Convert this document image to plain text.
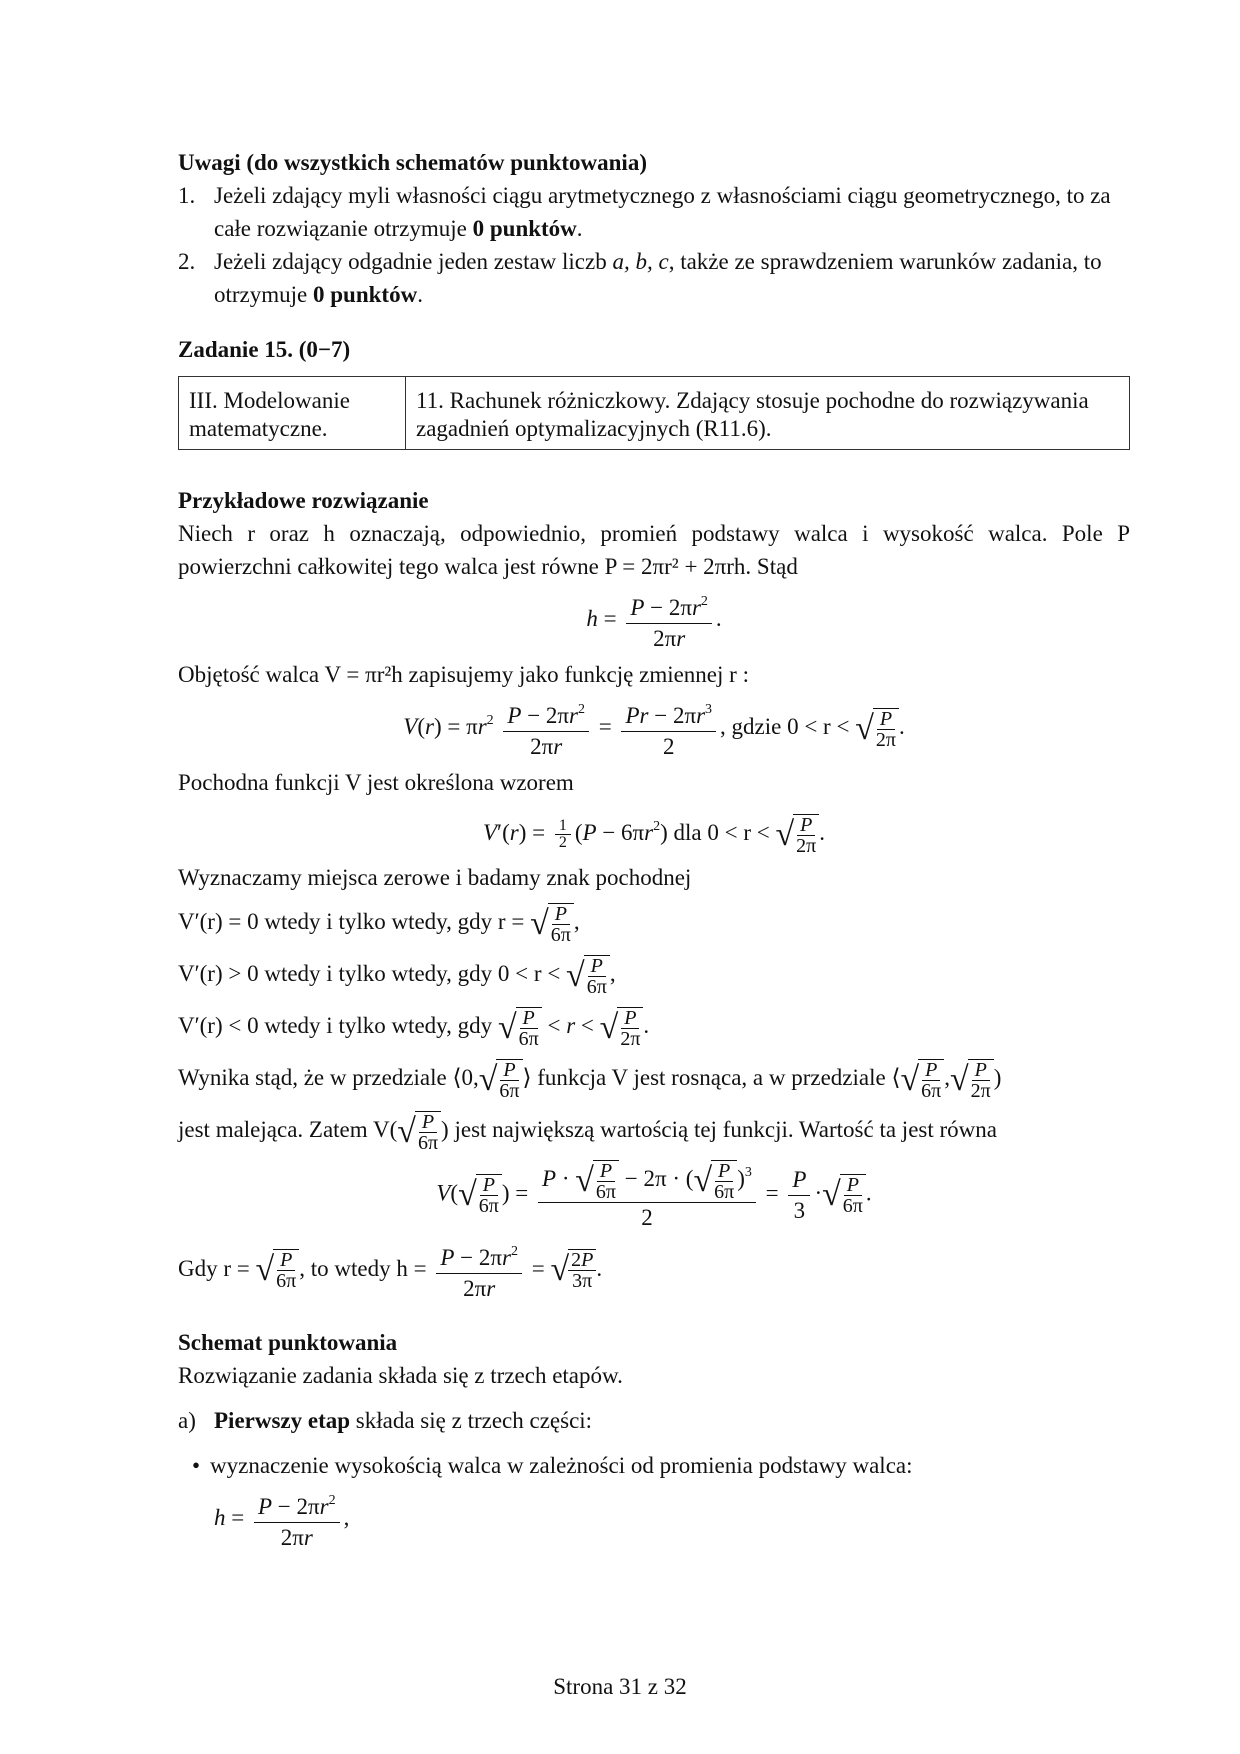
Uwagi (do wszystkich schematów punktowania)
1. Jeżeli zdający myli własności ciągu arytmetycznego z własnościami ciągu geometrycznego, to za całe rozwiązanie otrzymuje 0 punktów.
2. Jeżeli zdający odgadnie jeden zestaw liczb a, b, c, także ze sprawdzeniem warunków zadania, to otrzymuje 0 punktów.
Zadanie 15. (0−7)
III. Modelowanie matematyczne.	11. Rachunek różniczkowy. Zdający stosuje pochodne do rozwiązywania zagadnień optymalizacyjnych (R11.6).
Przykładowe rozwiązanie
Niech r oraz h oznaczają, odpowiednio, promień podstawy walca i wysokość walca. Pole P powierzchni całkowitej tego walca jest równe P = 2πr² + 2πrh. Stąd
$h = \frac{P - 2\pi r^2}{2\pi r}$ .
Objętość walca V = πr²h zapisujemy jako funkcję zmiennej r :
$V(r) = \pi r^2 \frac{P - 2\pi r^2}{2\pi r} = \frac{Pr - 2\pi r^3}{2}$ , gdzie 0 < r < √ P
2π
.
Pochodna funkcji V jest określona wzorem
$V'(r) = \frac{1}{2} (P - 6\pi r^2)$ dla 0 < r < √ P
2π
.
Wyznaczamy miejsca zerowe i badamy znak pochodnej
V′(r) = 0 wtedy i tylko wtedy, gdy r = √ P
6π
,
V′(r) > 0 wtedy i tylko wtedy, gdy 0 < r < √ P
6π
,
V′(r) < 0 wtedy i tylko wtedy, gdy √ P
6π
< r < √ P
2π
.
Wynika stąd, że w przedziale ⟨0, √ P
6π
⟩ funkcja V jest rosnąca, a w przedziale ⟨ √ P
6π
, √ P
2π
)
jest malejąca. Zatem V( √ P
6π
) jest największą wartością tej funkcji. Wartość ta jest równa
V( √ P
6π
) = P · √ P
6π
− 2π · ( √ P
6π
)$^3$
$2 = \frac{P}{3}$ · √ P
6π
.
Gdy r = √ P
6π
, to wtedy $h = \frac{P - 2\pi r^2}{2\pi r}$ = √ 2P
3π
.
Schemat punktowania
Rozwiązanie zadania składa się z trzech etapów.
a) Pierwszy etap składa się z trzech części:
• wyznaczenie wysokością walca w zależności od promienia podstawy walca:
$h = \frac{P - 2\pi r^2}{2\pi r}$ ,
Strona 31 z 32
